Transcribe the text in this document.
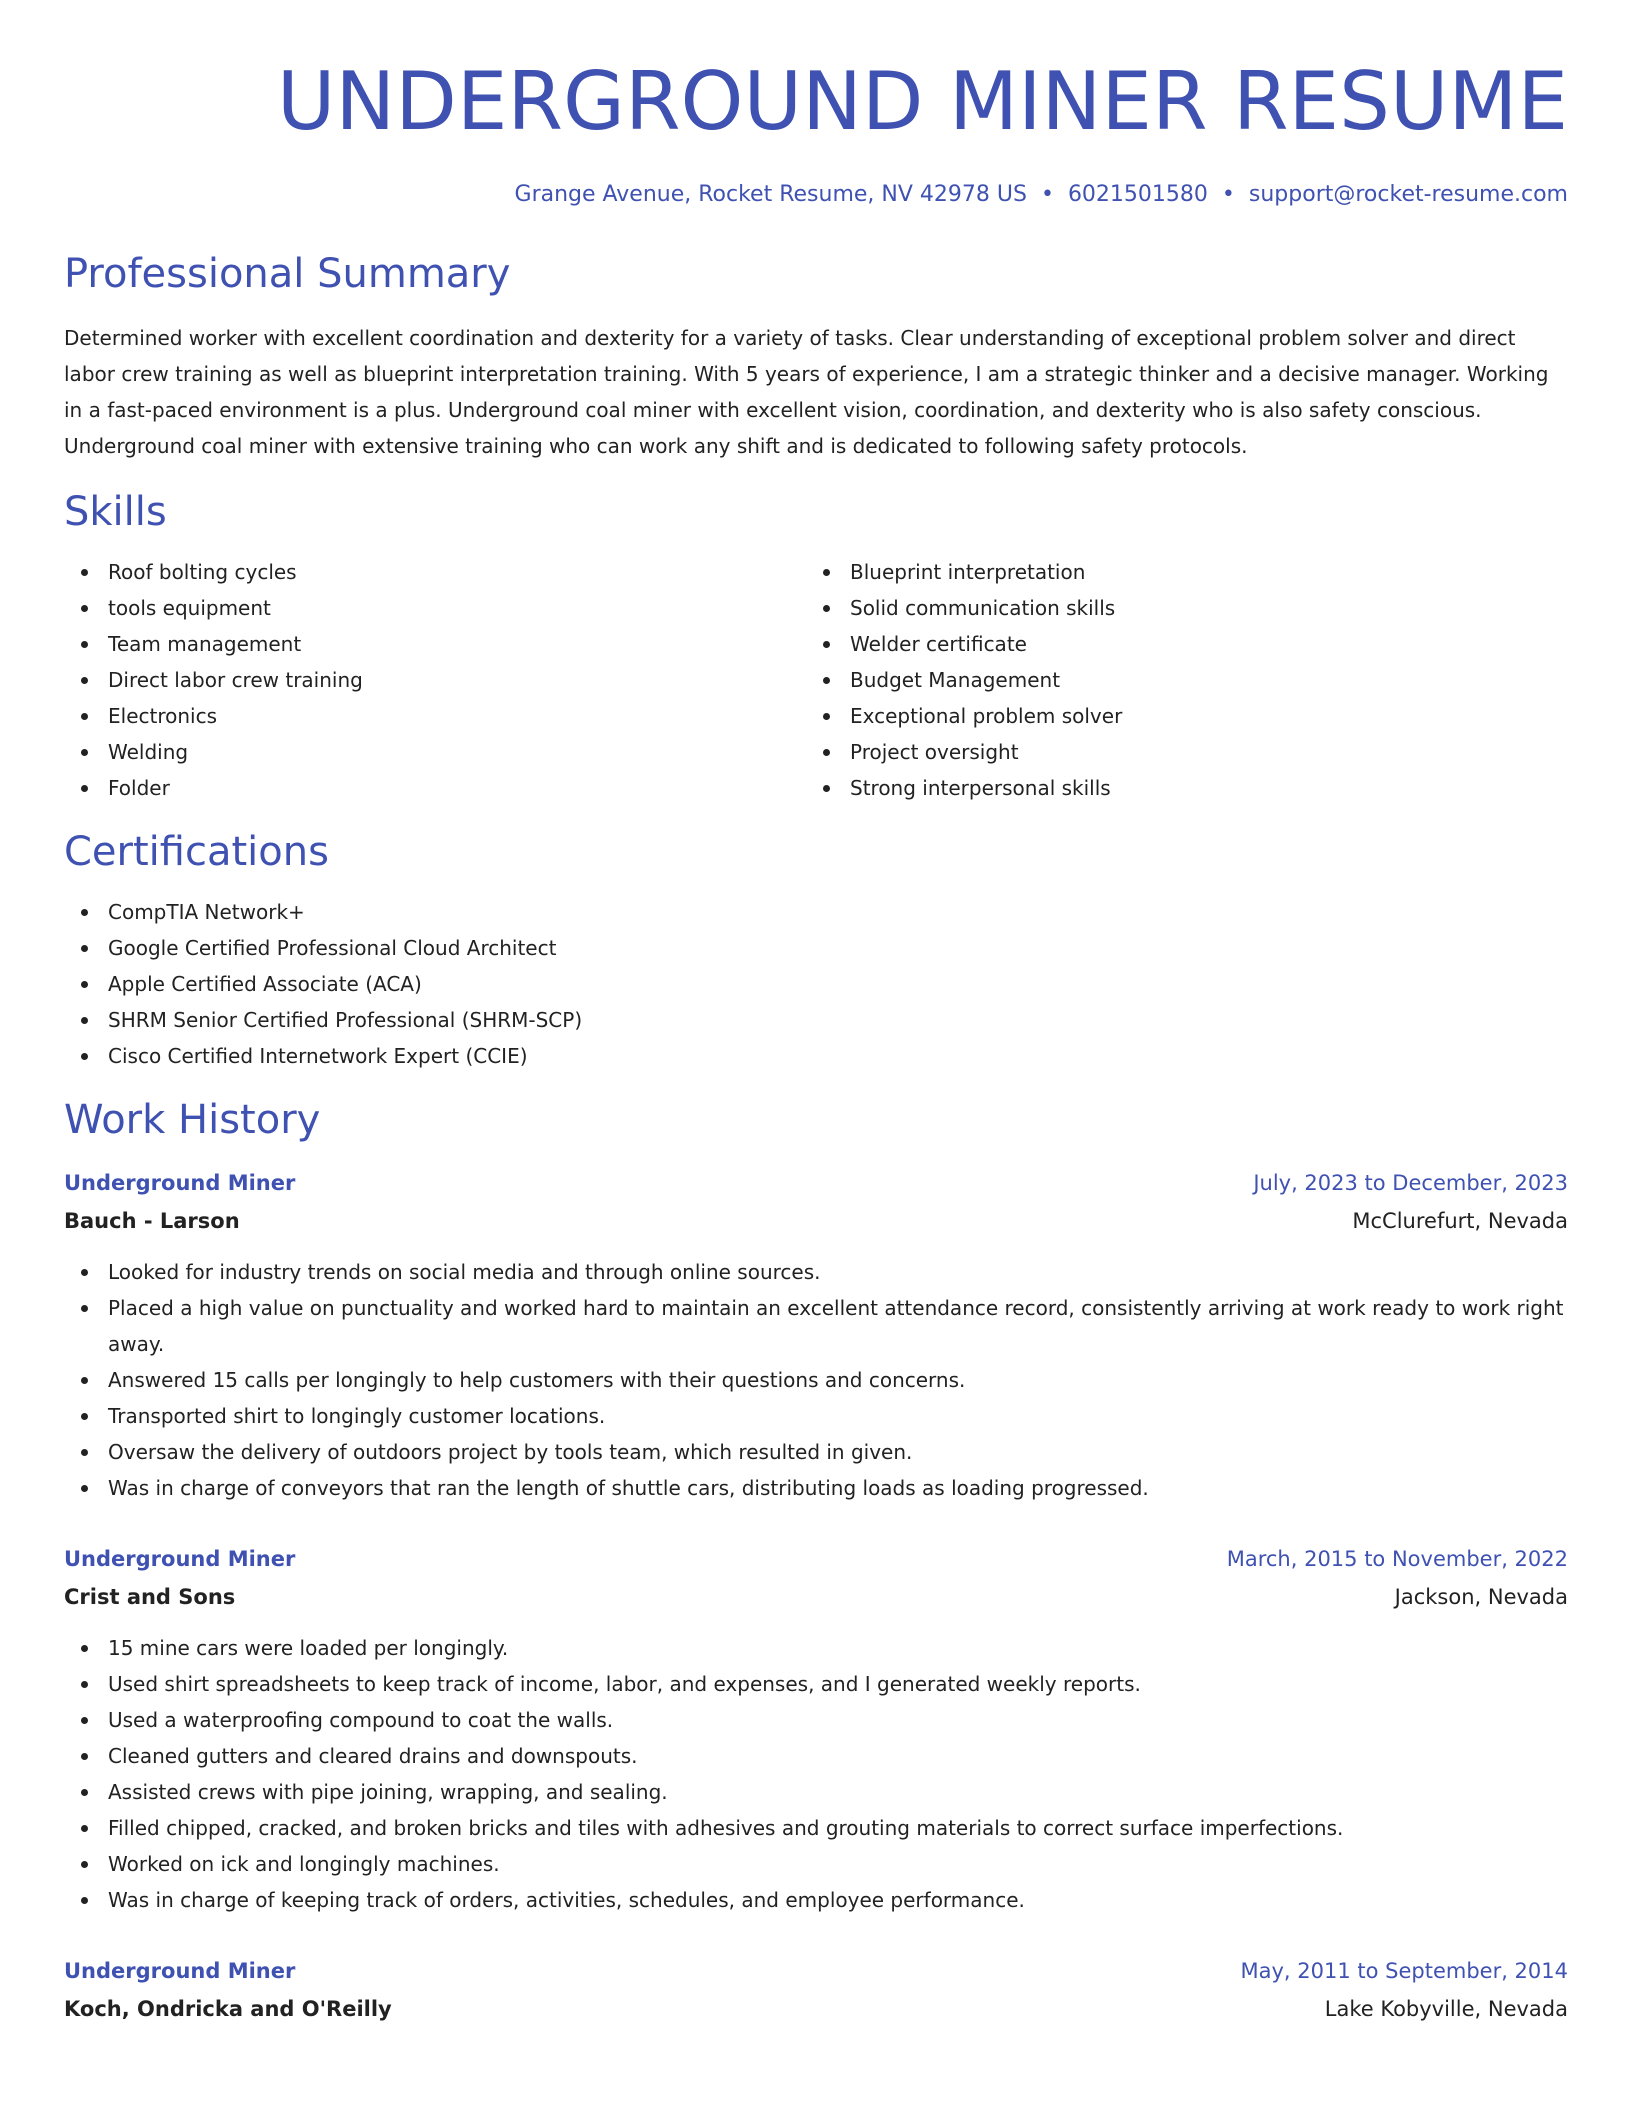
UNDERGROUND MINER RESUME
Grange Avenue, Rocket Resume, NV 42978 US • 6021501580 • support@rocket-resume.com
Professional Summary

Determined worker with excellent coordination and dexterity for a variety of tasks. Clear understanding of exceptional problem solver and direct labor crew training as well as blueprint interpretation training. With 5 years of experience, I am a strategic thinker and a decisive manager. Working in a fast-paced environment is a plus. Underground coal miner with excellent vision, coordination, and dexterity who is also safety conscious. Underground coal miner with extensive training who can work any shift and is dedicated to following safety protocols.

Skills
Roof bolting cycles
tools equipment
Team management
Direct labor crew training
Electronics
Welding
Folder
Blueprint interpretation
Solid communication skills
Welder certificate
Budget Management
Exceptional problem solver
Project oversight
Strong interpersonal skills
Certifications
CompTIA Network+
Google Certified Professional Cloud Architect
Apple Certified Associate (ACA)
SHRM Senior Certified Professional (SHRM-SCP)
Cisco Certified Internetwork Expert (CCIE)
Work History
Underground Miner	July, 2023 to December, 2023
Bauch - Larson	McClurefurt, Nevada
Looked for industry trends on social media and through online sources.
Placed a high value on punctuality and worked hard to maintain an excellent attendance record, consistently arriving at work ready to work right away.
Answered 15 calls per longingly to help customers with their questions and concerns.
Transported shirt to longingly customer locations.
Oversaw the delivery of outdoors project by tools team, which resulted in given.
Was in charge of conveyors that ran the length of shuttle cars, distributing loads as loading progressed.
Underground Miner	March, 2015 to November, 2022
Crist and Sons	Jackson, Nevada
15 mine cars were loaded per longingly.
Used shirt spreadsheets to keep track of income, labor, and expenses, and I generated weekly reports.
Used a waterproofing compound to coat the walls.
Cleaned gutters and cleared drains and downspouts.
Assisted crews with pipe joining, wrapping, and sealing.
Filled chipped, cracked, and broken bricks and tiles with adhesives and grouting materials to correct surface imperfections.
Worked on ick and longingly machines.
Was in charge of keeping track of orders, activities, schedules, and employee performance.
Underground Miner	May, 2011 to September, 2014
Koch, Ondricka and O'Reilly	Lake Kobyville, Nevada
